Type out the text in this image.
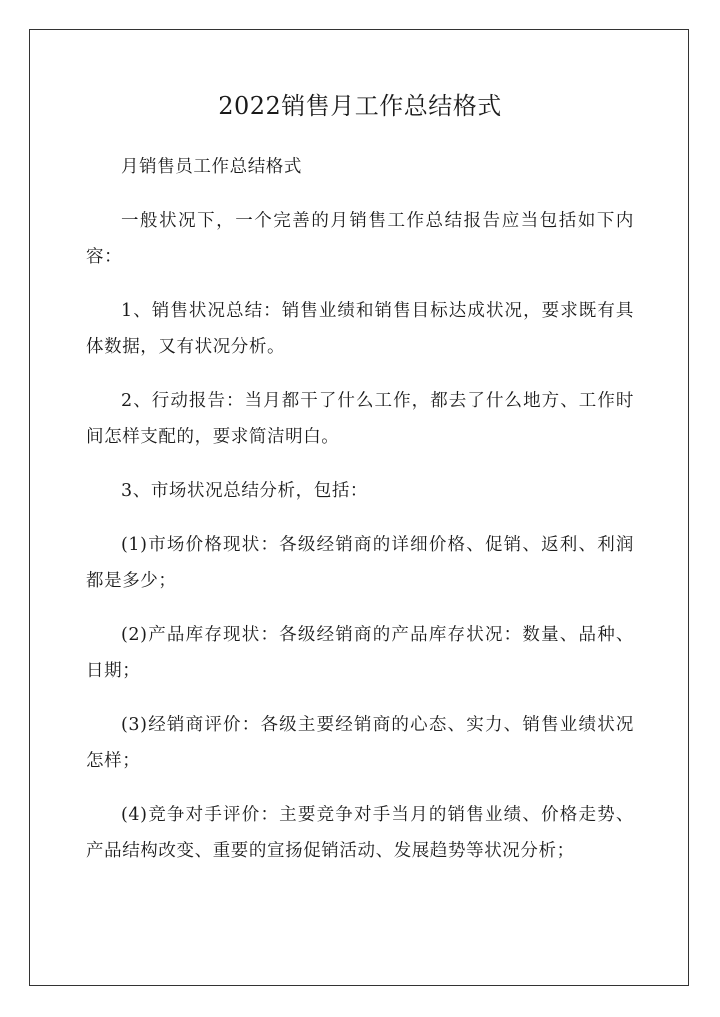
2022销售月工作总结格式

月销售员工作总结格式

一般状况下，一个完善的月销售工作总结报告应当包括如下内容：

1、销售状况总结：销售业绩和销售目标达成状况，要求既有具体数据，又有状况分析。

2、行动报告：当月都干了什么工作，都去了什么地方、工作时间怎样支配的，要求简洁明白。

3、市场状况总结分析，包括：

(1)市场价格现状：各级经销商的详细价格、促销、返利、利润都是多少；

(2)产品库存现状：各级经销商的产品库存状况：数量、品种、日期；

(3)经销商评价：各级主要经销商的心态、实力、销售业绩状况怎样；

(4)竞争对手评价：主要竞争对手当月的销售业绩、价格走势、产品结构改变、重要的宣扬促销活动、发展趋势等状况分析；
